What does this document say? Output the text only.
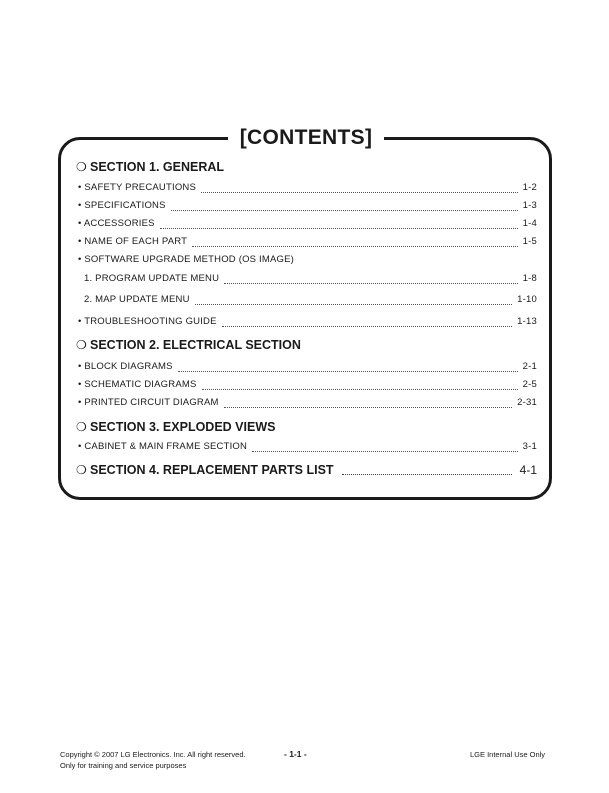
[CONTENTS]
❍ SECTION 1. GENERAL
• SAFETY PRECAUTIONS	1-2
• SPECIFICATIONS	1-3
• ACCESSORIES	1-4
• NAME OF EACH PART	1-5
• SOFTWARE UPGRADE METHOD (OS IMAGE)
1. PROGRAM UPDATE MENU	1-8
2. MAP UPDATE MENU	1-10
• TROUBLESHOOTING GUIDE	1-13
❍ SECTION 2. ELECTRICAL SECTION
• BLOCK DIAGRAMS	2-1
• SCHEMATIC DIAGRAMS	2-5
• PRINTED CIRCUIT DIAGRAM	2-31
❍ SECTION 3. EXPLODED VIEWS
• CABINET & MAIN FRAME SECTION	3-1
❍ SECTION 4. REPLACEMENT PARTS LIST	4-1
Copyright © 2007 LG Electronics. Inc. All right reserved.
Only for training and service purposes
- 1-1 -	LGE Internal Use Only
